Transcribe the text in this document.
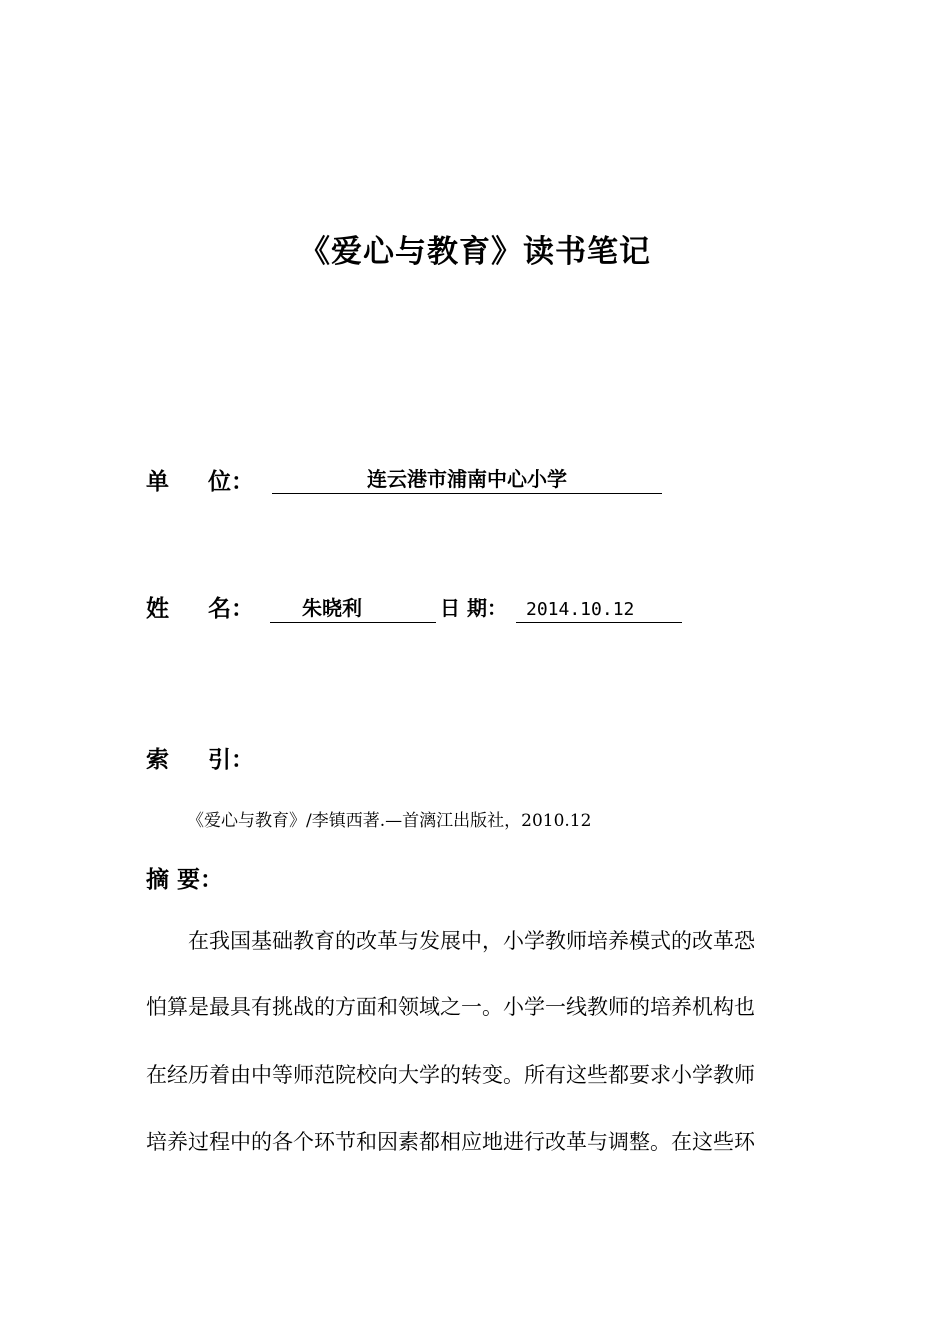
《爱心与教育》读书笔记
单 位：	连云港市浦南中心小学
姓 名：	朱晓利	日 期：	2014.10.12
索 引：
《爱心与教育》/李镇西著.—首漓江出版社，2010.12
摘 要：
在我国基础教育的改革与发展中，小学教师培养模式的改革恐
怕算是最具有挑战的方面和领域之一。小学一线教师的培养机构也
在经历着由中等师范院校向大学的转变。所有这些都要求小学教师
培养过程中的各个环节和因素都相应地进行改革与调整。在这些环
